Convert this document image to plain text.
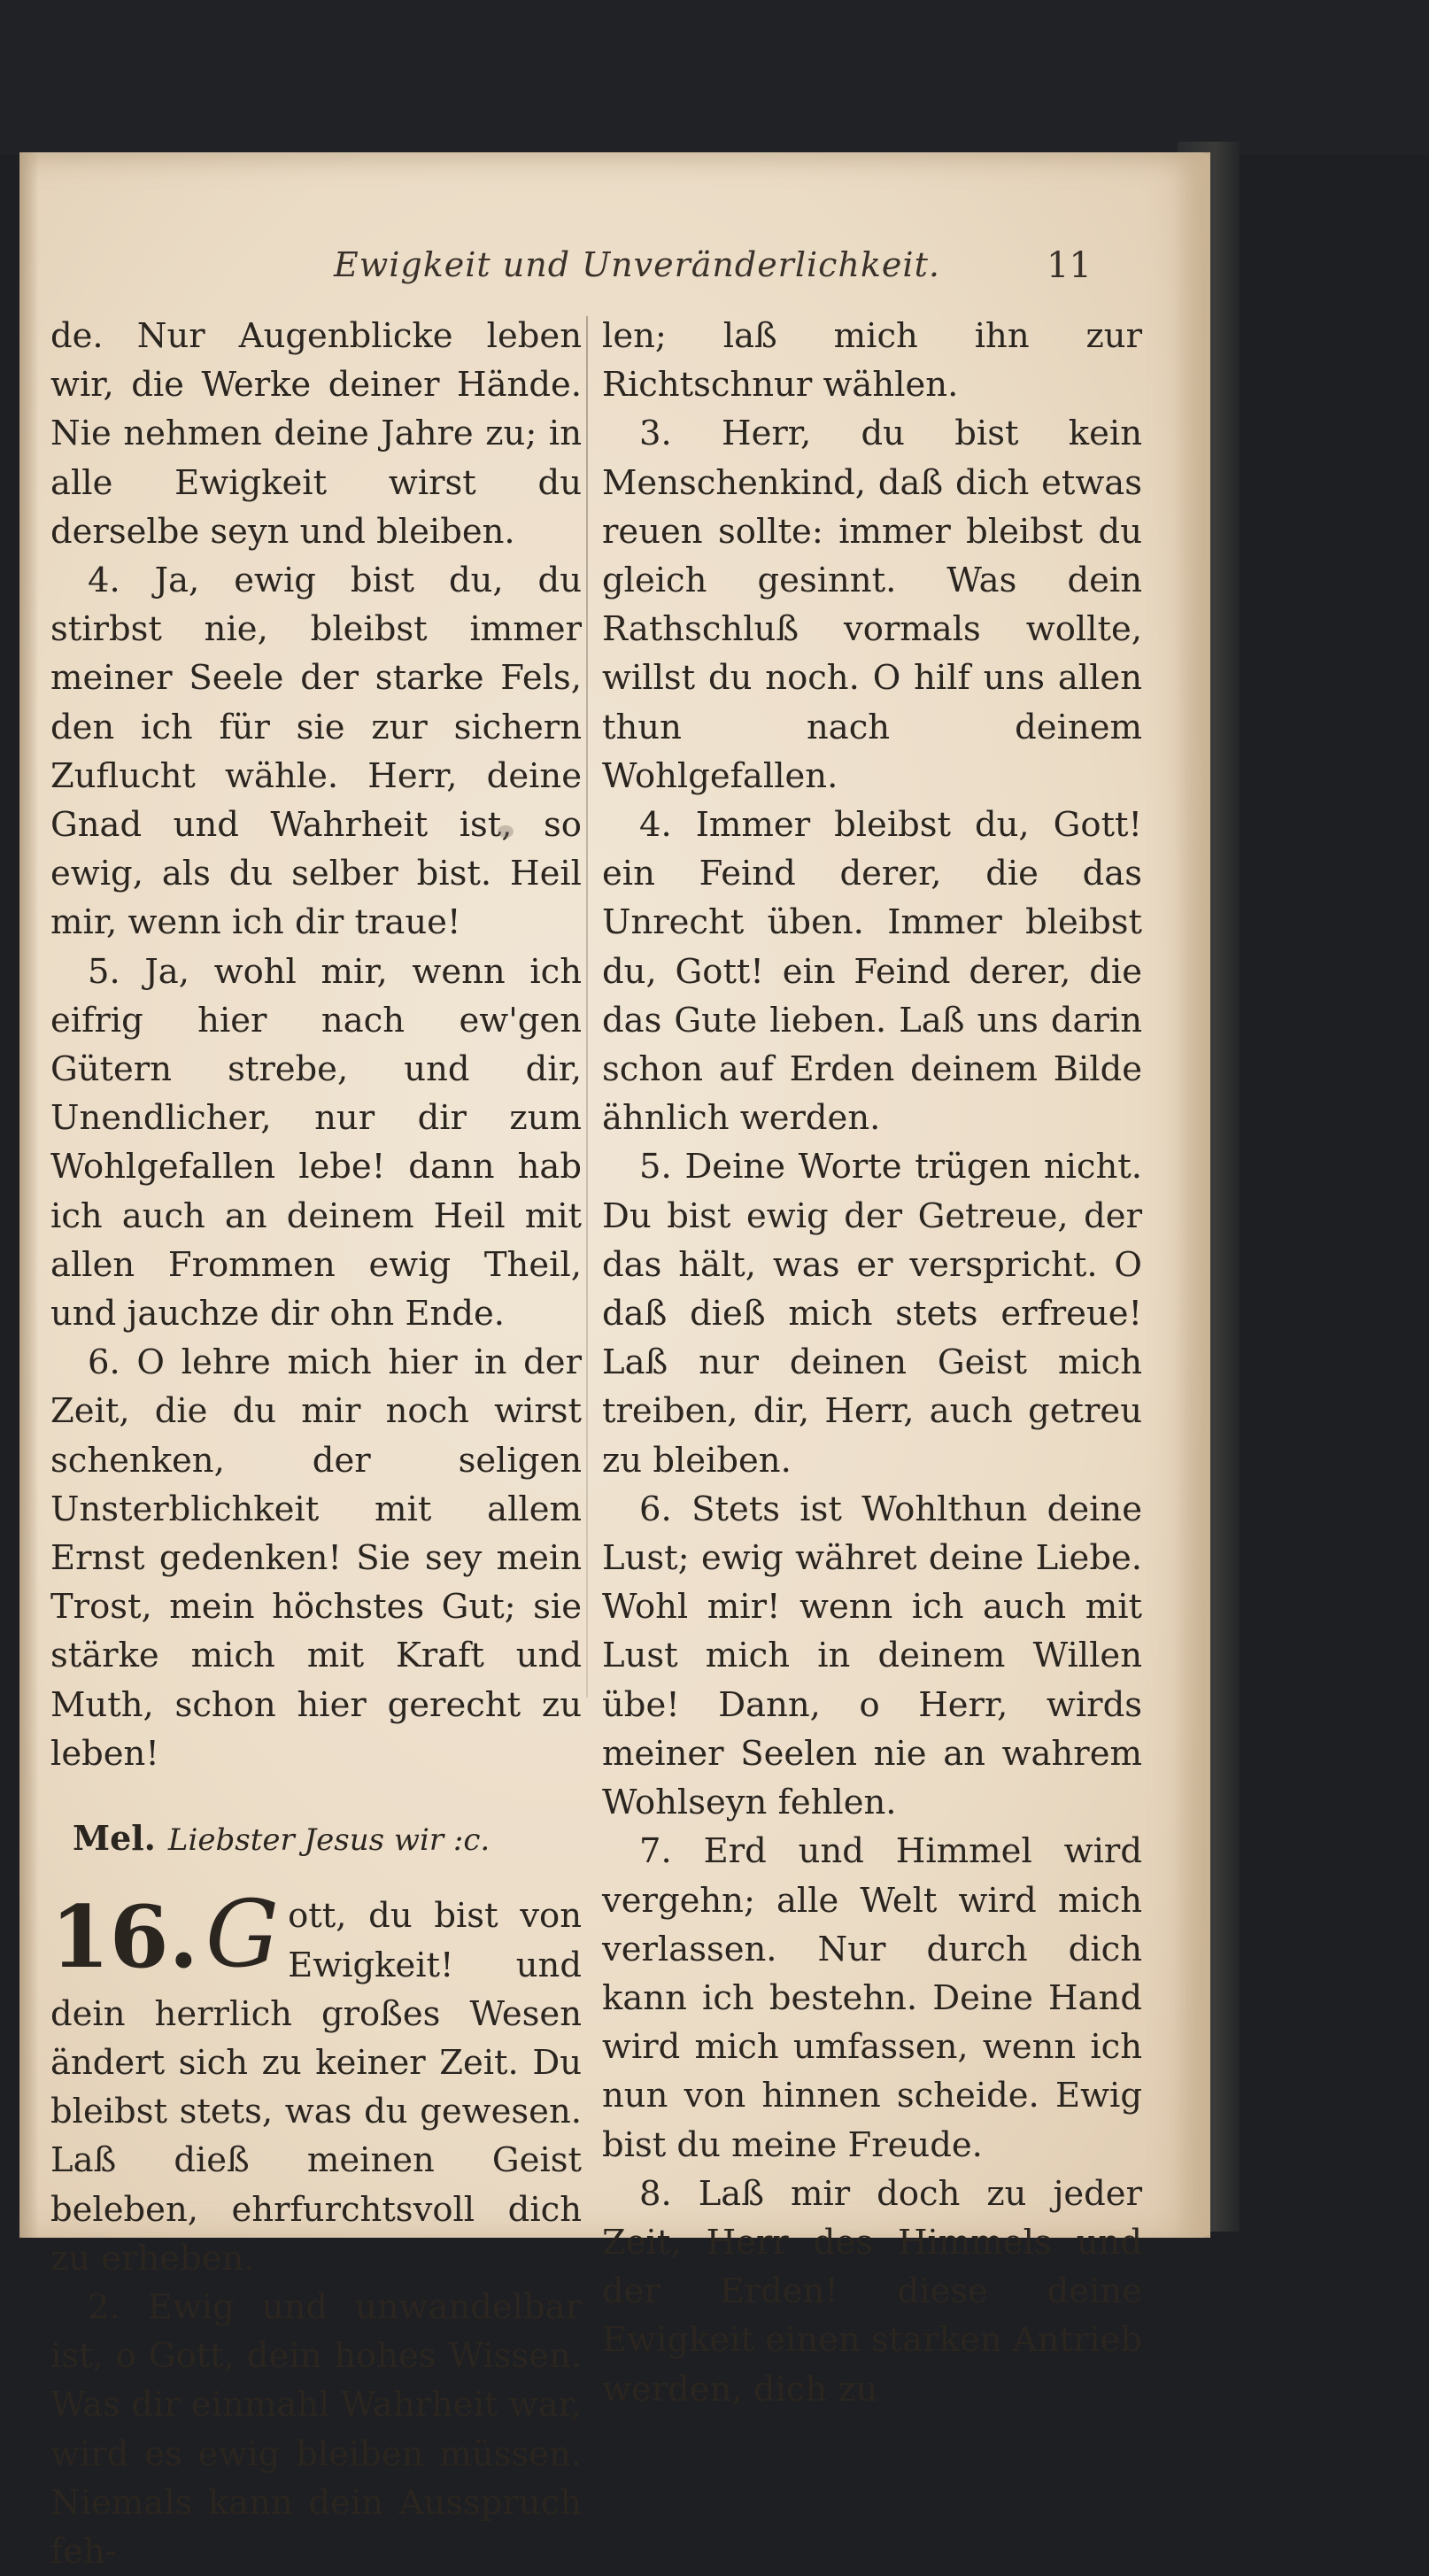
Ewigkeit und Unveränderlichkeit.	11

de. Nur Augenblicke leben wir, die Werke deiner Hände. Nie nehmen deine Jahre zu; in alle Ewigkeit wirst du derselbe seyn und bleiben.

4. Ja, ewig bist du, du stirbst nie, bleibst immer meiner Seele der starke Fels, den ich für sie zur sichern Zuflucht wähle. Herr, deine Gnad und Wahrheit ist, so ewig, als du selber bist. Heil mir, wenn ich dir traue!

5. Ja, wohl mir, wenn ich eifrig hier nach ew'gen Gütern strebe, und dir, Unendlicher, nur dir zum Wohlgefallen lebe! dann hab ich auch an deinem Heil mit allen Frommen ewig Theil, und jauchze dir ohn Ende.

6. O lehre mich hier in der Zeit, die du mir noch wirst schenken, der seligen Unsterblichkeit mit allem Ernst gedenken! Sie sey mein Trost, mein höchstes Gut; sie stärke mich mit Kraft und Muth, schon hier gerecht zu leben!

Mel. Liebster Jesus wir :c.
16. G ott, du bist von Ewigkeit! und dein herrlich großes Wesen ändert sich zu keiner Zeit. Du bleibst stets, was du gewesen. Laß dieß meinen Geist beleben, ehrfurchtsvoll dich zu erheben.

2. Ewig und unwandelbar ist, o Gott, dein hohes Wissen. Was dir einmahl Wahrheit war, wird es ewig bleiben müssen. Niemals kann dein Ausspruch feh-

len; laß mich ihn zur Richtschnur wählen.

3. Herr, du bist kein Menschenkind, daß dich etwas reuen sollte: immer bleibst du gleich gesinnt. Was dein Rathschluß vormals wollte, willst du noch. O hilf uns allen thun nach deinem Wohlgefallen.

4. Immer bleibst du, Gott! ein Feind derer, die das Unrecht üben. Immer bleibst du, Gott! ein Feind derer, die das Gute lieben. Laß uns darin schon auf Erden deinem Bilde ähnlich werden.

5. Deine Worte trügen nicht. Du bist ewig der Getreue, der das hält, was er verspricht. O daß dieß mich stets erfreue! Laß nur deinen Geist mich treiben, dir, Herr, auch getreu zu bleiben.

6. Stets ist Wohlthun deine Lust; ewig währet deine Liebe. Wohl mir! wenn ich auch mit Lust mich in deinem Willen übe! Dann, o Herr, wirds meiner Seelen nie an wahrem Wohlseyn fehlen.

7. Erd und Himmel wird vergehn; alle Welt wird mich verlassen. Nur durch dich kann ich bestehn. Deine Hand wird mich umfassen, wenn ich nun von hinnen scheide. Ewig bist du meine Freude.

8. Laß mir doch zu jeder Zeit, Herr des Himmels und der Erden! diese deine Ewigkeit einen starken Antrieb werden, dich zu
